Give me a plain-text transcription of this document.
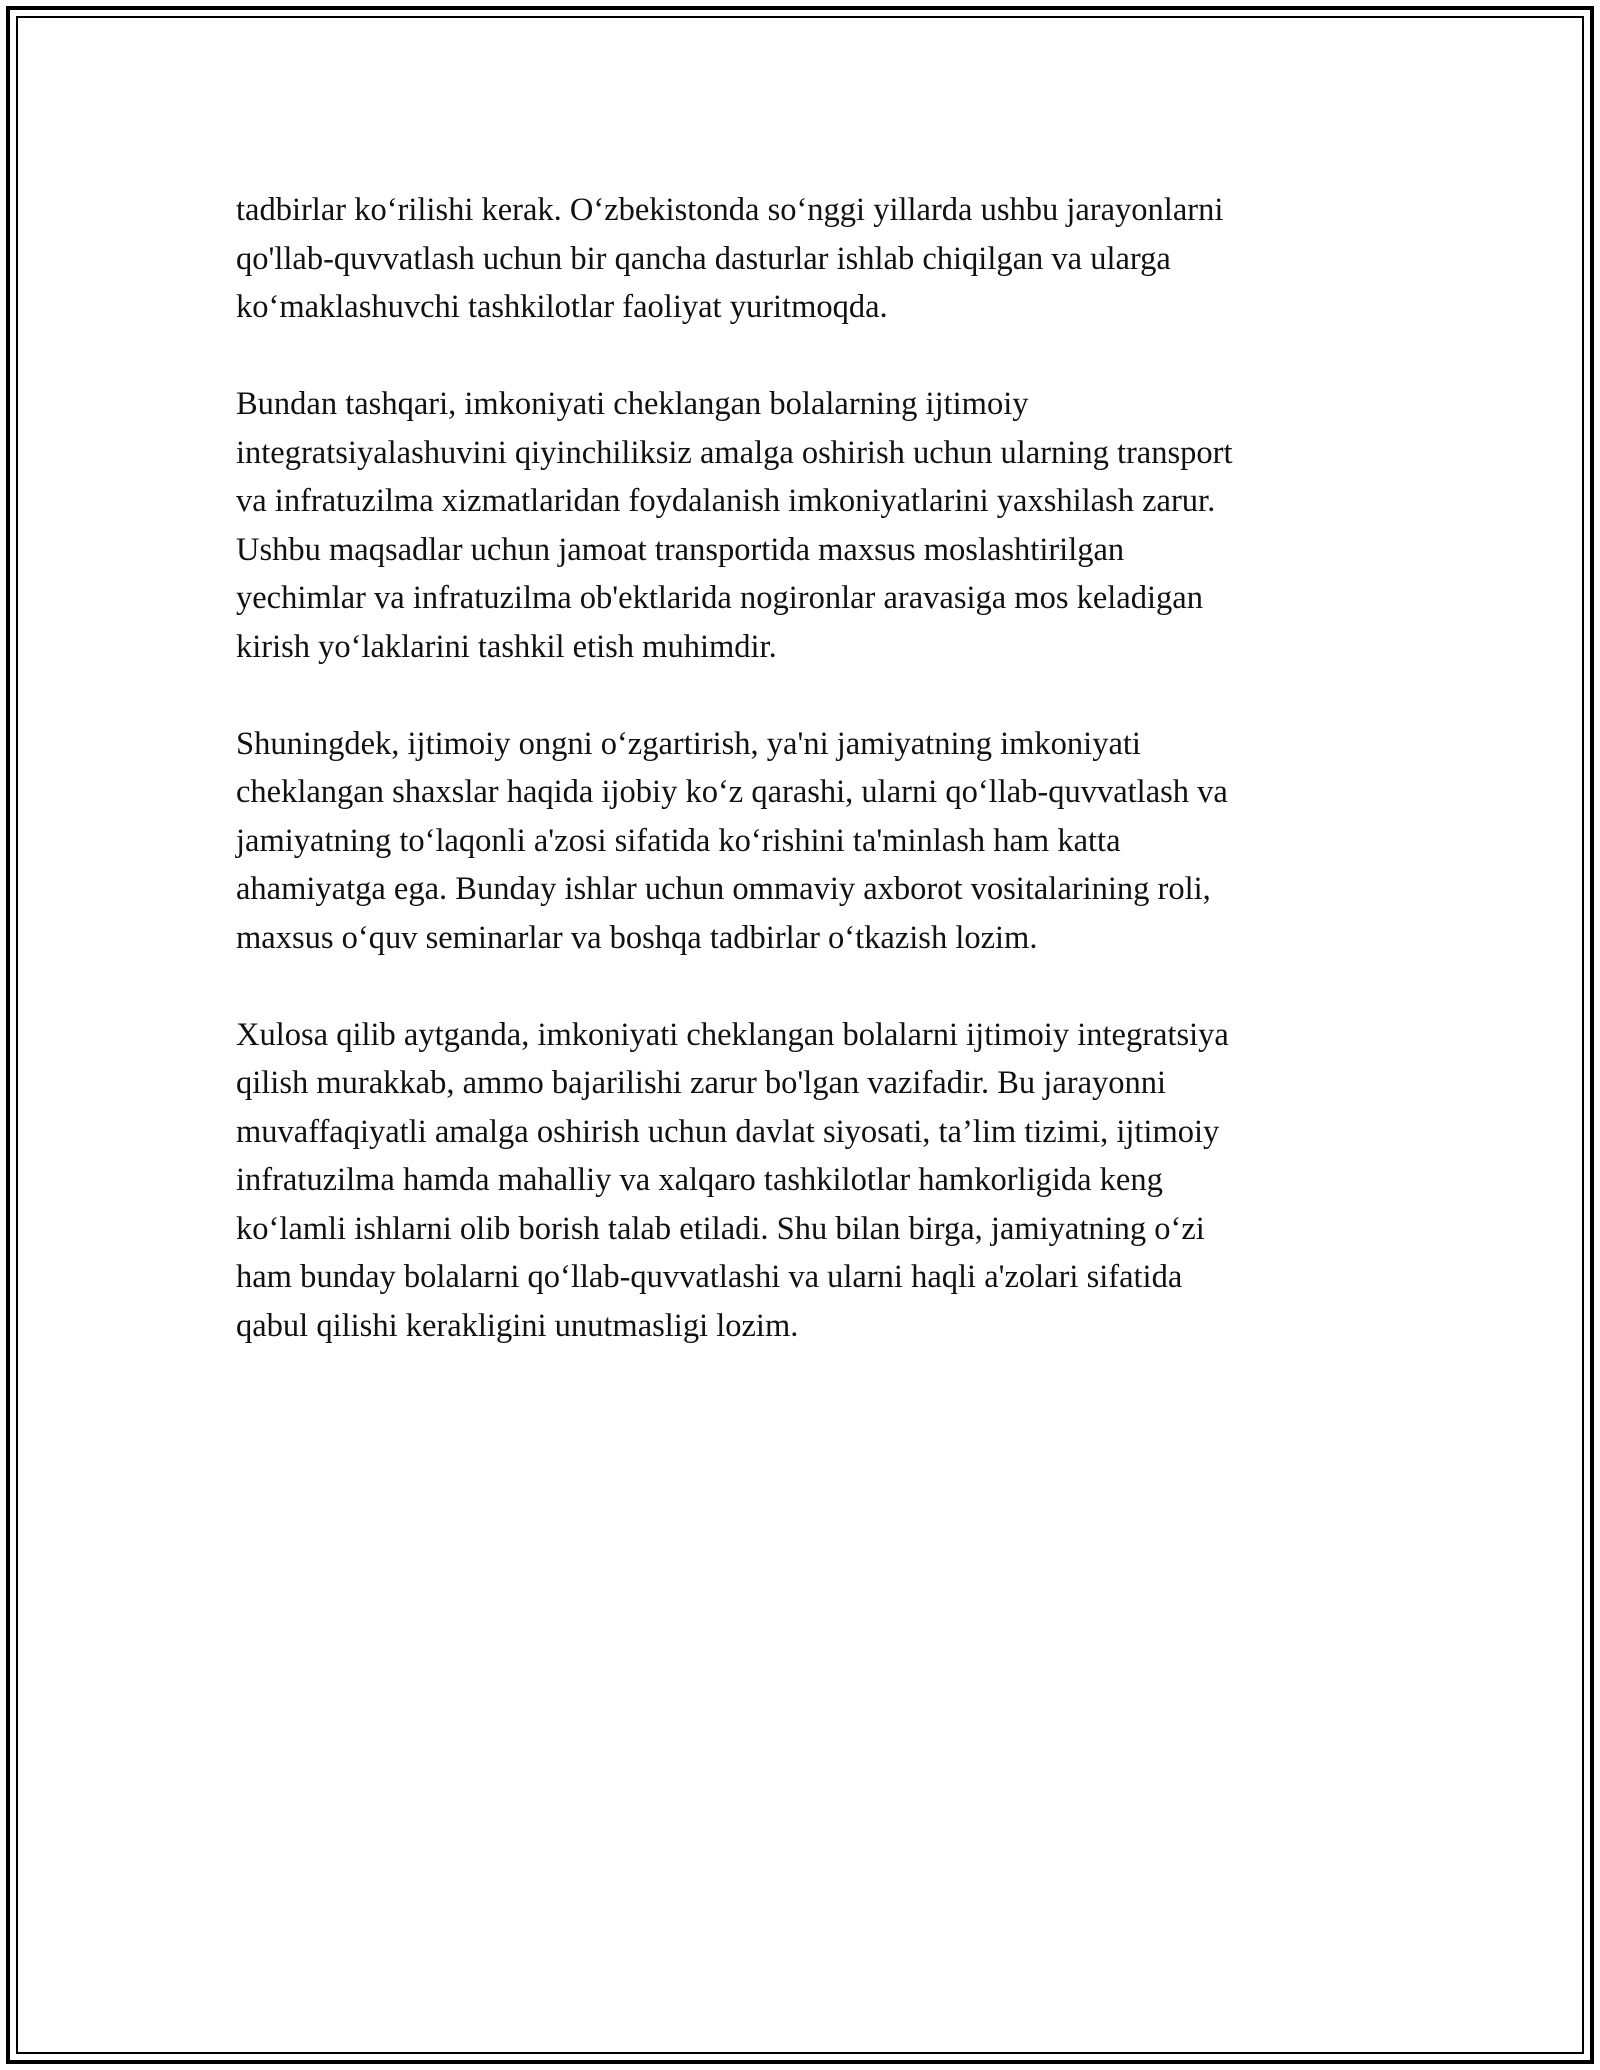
tadbirlar ko‘rilishi kerak. O‘zbekistonda so‘nggi yillarda ushbu jarayonlarni
qo'llab-quvvatlash uchun bir qancha dasturlar ishlab chiqilgan va ularga
ko‘maklashuvchi tashkilotlar faoliyat yuritmoqda.

Bundan tashqari, imkoniyati cheklangan bolalarning ijtimoiy
integratsiyalashuvini qiyinchiliksiz amalga oshirish uchun ularning transport
va infratuzilma xizmatlaridan foydalanish imkoniyatlarini yaxshilash zarur.
Ushbu maqsadlar uchun jamoat transportida maxsus moslashtirilgan
yechimlar va infratuzilma ob'ektlarida nogironlar aravasiga mos keladigan
kirish yo‘laklarini tashkil etish muhimdir.

Shuningdek, ijtimoiy ongni o‘zgartirish, ya'ni jamiyatning imkoniyati
cheklangan shaxslar haqida ijobiy ko‘z qarashi, ularni qo‘llab-quvvatlash va
jamiyatning to‘laqonli a'zosi sifatida ko‘rishini ta'minlash ham katta
ahamiyatga ega. Bunday ishlar uchun ommaviy axborot vositalarining roli,
maxsus o‘quv seminarlar va boshqa tadbirlar o‘tkazish lozim.

Xulosa qilib aytganda, imkoniyati cheklangan bolalarni ijtimoiy integratsiya
qilish murakkab, ammo bajarilishi zarur bo'lgan vazifadir. Bu jarayonni
muvaffaqiyatli amalga oshirish uchun davlat siyosati, ta’lim tizimi, ijtimoiy
infratuzilma hamda mahalliy va xalqaro tashkilotlar hamkorligida keng
ko‘lamli ishlarni olib borish talab etiladi. Shu bilan birga, jamiyatning o‘zi
ham bunday bolalarni qo‘llab-quvvatlashi va ularni haqli a'zolari sifatida
qabul qilishi kerakligini unutmasligi lozim.
